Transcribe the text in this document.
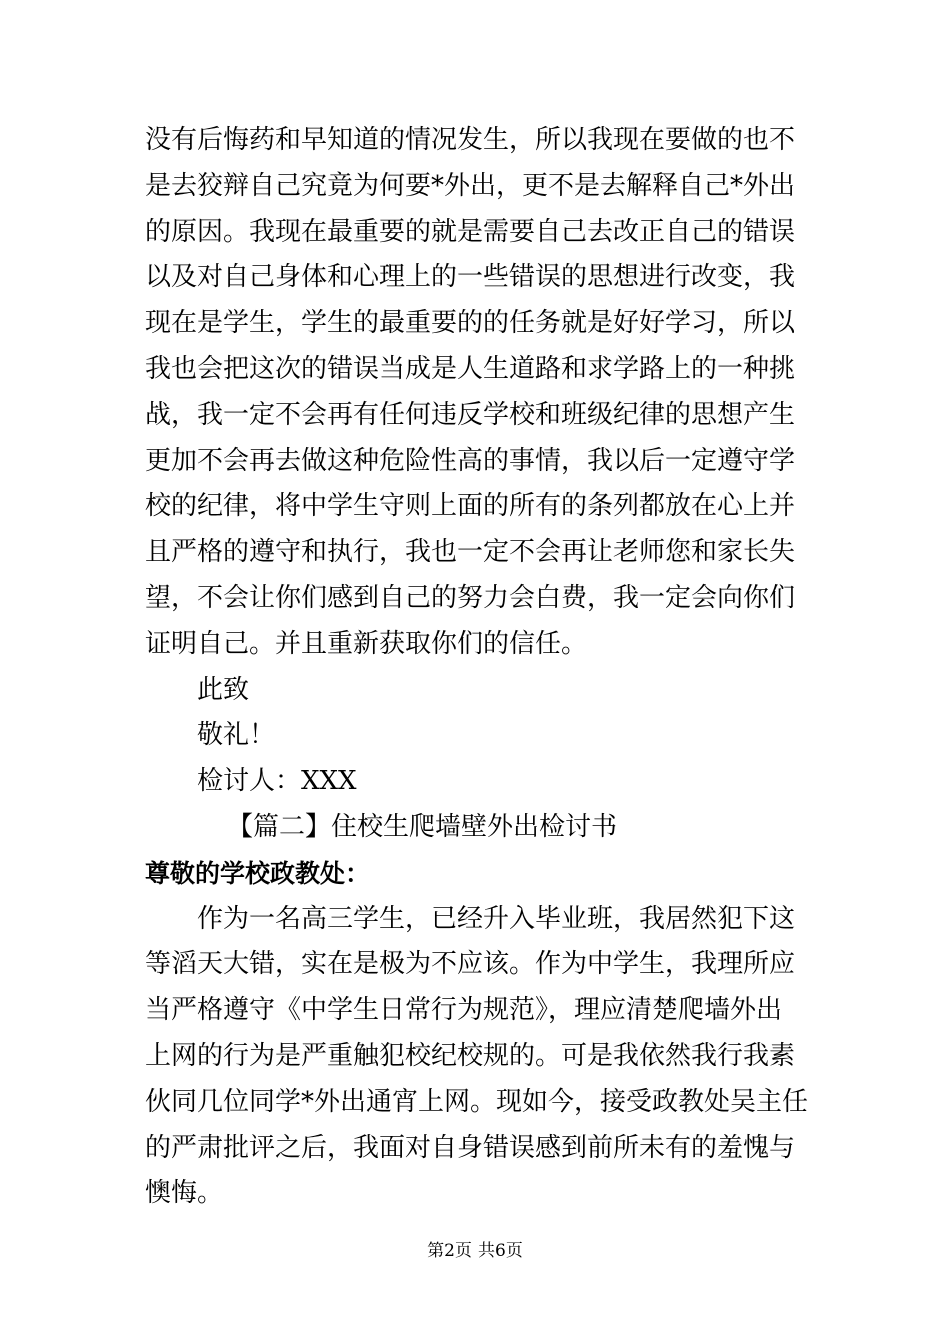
没有后悔药和早知道的情况发生，所以我现在要做的也不
是去狡辩自己究竟为何要*外出，更不是去解释自己*外出
的原因。我现在最重要的就是需要自己去改正自己的错误
以及对自己身体和心理上的一些错误的思想进行改变，我
现在是学生，学生的最重要的的任务就是好好学习，所以
我也会把这次的错误当成是人生道路和求学路上的一种挑
战，我一定不会再有任何违反学校和班级纪律的思想产生
更加不会再去做这种危险性高的事情，我以后一定遵守学
校的纪律，将中学生守则上面的所有的条列都放在心上并
且严格的遵守和执行，我也一定不会再让老师您和家长失
望，不会让你们感到自己的努力会白费，我一定会向你们
证明自己。并且重新获取你们的信任。
此致
敬礼！
检讨人：XXX
【篇二】住校生爬墙壁外出检讨书
尊敬的学校政教处：
作为一名高三学生，已经升入毕业班，我居然犯下这
等滔天大错，实在是极为不应该。作为中学生，我理所应
当严格遵守《中学生日常行为规范》，理应清楚爬墙外出
上网的行为是严重触犯校纪校规的。可是我依然我行我素
伙同几位同学*外出通宵上网。现如今，接受政教处吴主任
的严肃批评之后，我面对自身错误感到前所未有的羞愧与
懊悔。
第2页 共6页
